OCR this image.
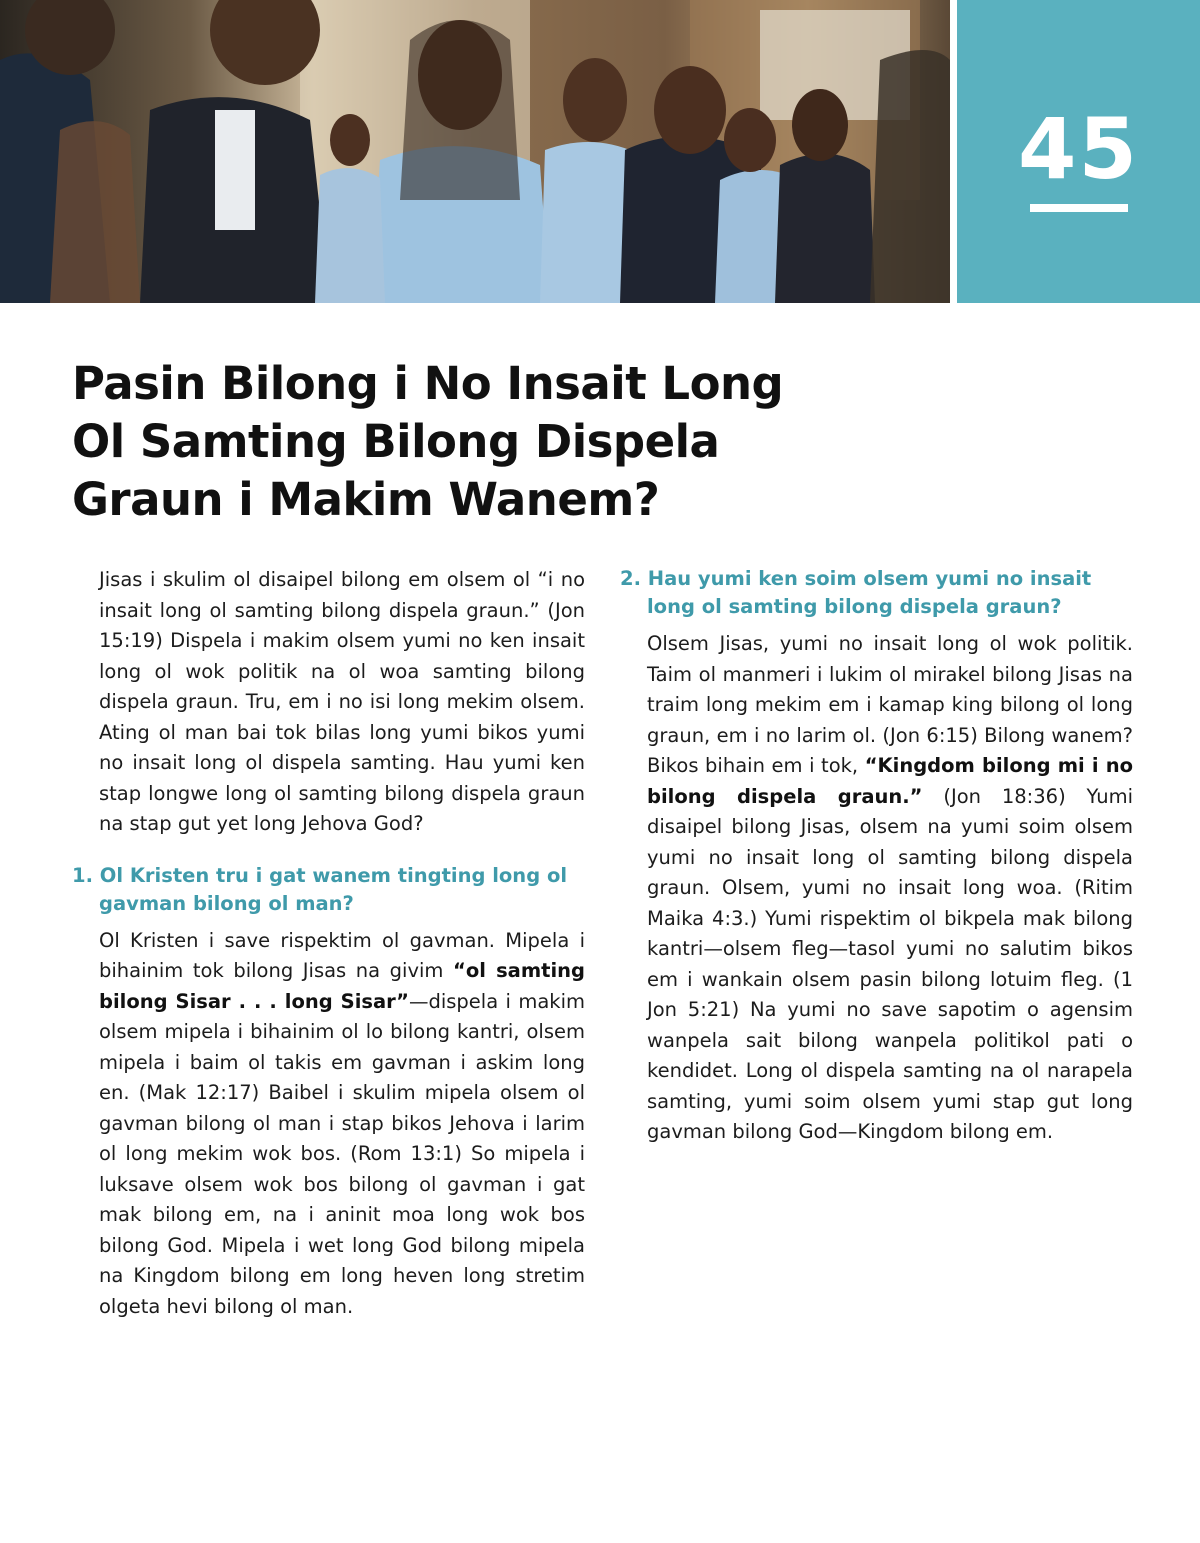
45
Pasin Bilong i No Insait Long Ol Samting Bilong Dispela Graun i Makim Wanem?

Jisas i skulim ol disaipel bilong em olsem ol “i no insait long ol samting bilong dispela graun.” (Jon 15:19) Dispela i makim olsem yumi no ken insait long ol wok politik na ol woa samting bilong dispela graun. Tru, em i no isi long mekim olsem. Ating ol man bai tok bilas long yumi bikos yumi no insait long ol dispela samting. Hau yumi ken stap longwe long ol samting bilong dispela graun na stap gut yet long Jehova God?

1. Ol Kristen tru i gat wanem tingting long ol gavman bilong ol man?

Ol Kristen i save rispektim ol gavman. Mipela i bihainim tok bilong Jisas na givim “ol samting bilong Sisar . . . long Sisar”—dispela i makim olsem mipela i bihainim ol lo bilong kantri, olsem mipela i baim ol takis em gavman i askim long en. (Mak 12:17) Baibel i skulim mipela olsem ol gavman bilong ol man i stap bikos Jehova i larim ol long mekim wok bos. (Rom 13:1) So mipela i luksave olsem wok bos bilong ol gavman i gat mak bilong em, na i aninit moa long wok bos bilong God. Mipela i wet long God bilong mipela na Kingdom bilong em long heven long stretim olgeta hevi bilong ol man.

2. Hau yumi ken soim olsem yumi no insait long ol samting bilong dispela graun?

Olsem Jisas, yumi no insait long ol wok politik. Taim ol manmeri i lukim ol mirakel bilong Jisas na traim long mekim em i kamap king bilong ol long graun, em i no larim ol. (Jon 6:15) Bilong wanem? Bikos bihain em i tok, “Kingdom bilong mi i no bilong dispela graun.” (Jon 18:36) Yumi disaipel bilong Jisas, olsem na yumi soim olsem yumi no insait long ol samting bilong dispela graun. Olsem, yumi no insait long woa. (Ritim Maika 4:3.) Yumi rispektim ol bikpela mak bilong kantri—olsem fleg—tasol yumi no salutim bikos em i wankain olsem pasin bilong lotuim fleg. (1 Jon 5:21) Na yumi no save sapotim o agensim wanpela sait bilong wanpela politikol pati o kendidet. Long ol dispela samting na ol narapela samting, yumi soim olsem yumi stap gut long gavman bilong God—Kingdom bilong em.
